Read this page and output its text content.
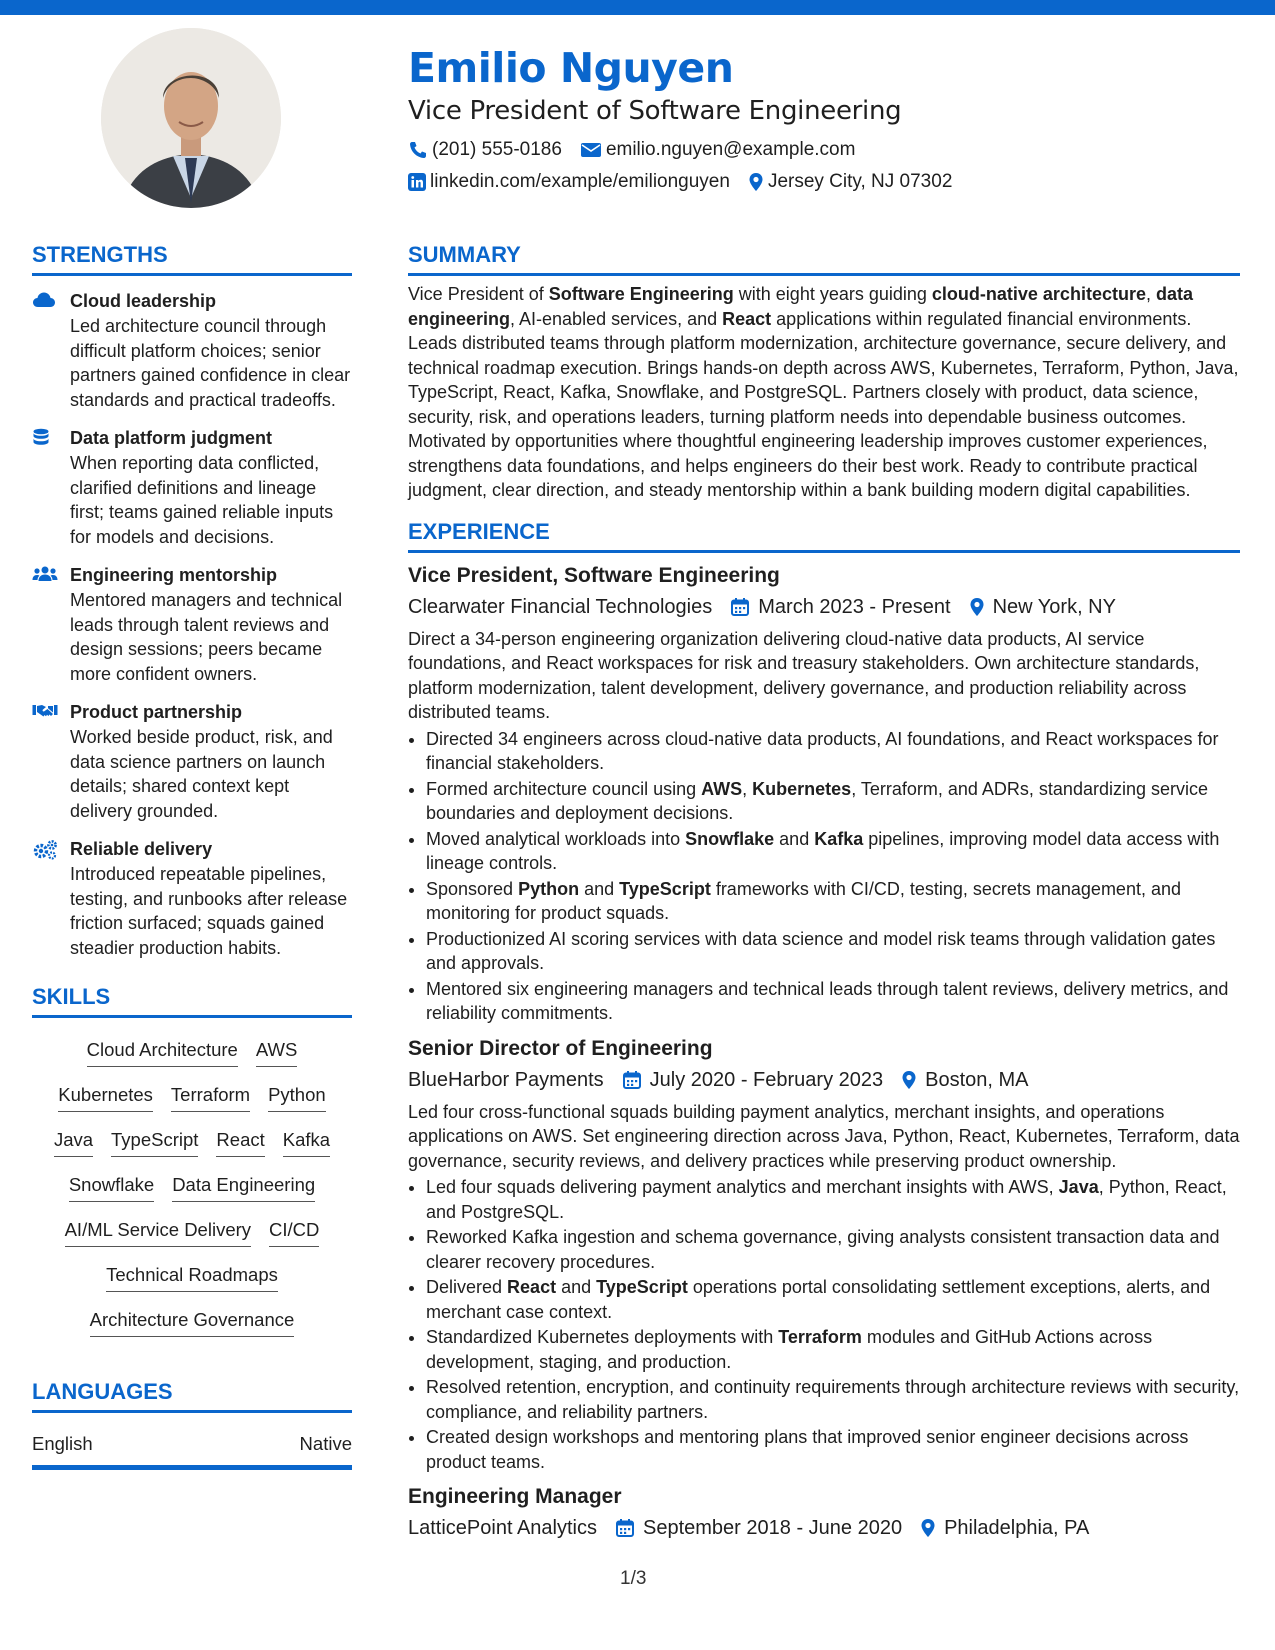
Emilio Nguyen
Vice President of Software Engineering
(201) 555-0186 emilio.nguyen@example.com
linkedin.com/example/emilionguyen Jersey City, NJ 07302
STRENGTHS
Cloud leadership
Led architecture council through difficult platform choices; senior partners gained confidence in clear standards and practical tradeoffs.
Data platform judgment
When reporting data conflicted, clarified definitions and lineage first; teams gained reliable inputs for models and decisions.
Engineering mentorship
Mentored managers and technical leads through talent reviews and design sessions; peers became more confident owners.
Product partnership
Worked beside product, risk, and data science partners on launch details; shared context kept delivery grounded.
Reliable delivery
Introduced repeatable pipelines, testing, and runbooks after release friction surfaced; squads gained steadier production habits.
SKILLS
Cloud Architecture AWS
Kubernetes Terraform Python
Java TypeScript React Kafka
Snowflake Data Engineering
AI/ML Service Delivery CI/CD
Technical Roadmaps
Architecture Governance
LANGUAGES
English	Native
SUMMARY
Vice President of Software Engineering with eight years guiding cloud-native architecture, data engineering, AI-enabled services, and React applications within regulated financial environments. Leads distributed teams through platform modernization, architecture governance, secure delivery, and technical roadmap execution. Brings hands-on depth across AWS, Kubernetes, Terraform, Python, Java, TypeScript, React, Kafka, Snowflake, and PostgreSQL. Partners closely with product, data science, security, risk, and operations leaders, turning platform needs into dependable business outcomes. Motivated by opportunities where thoughtful engineering leadership improves customer experiences, strengthens data foundations, and helps engineers do their best work. Ready to contribute practical judgment, clear direction, and steady mentorship within a bank building modern digital capabilities.
EXPERIENCE
Vice President, Software Engineering
Clearwater Financial Technologies March 2023 - Present New York, NY
Direct a 34-person engineering organization delivering cloud-native data products, AI service foundations, and React workspaces for risk and treasury stakeholders. Own architecture standards, platform modernization, talent development, delivery governance, and production reliability across distributed teams.
• Directed 34 engineers across cloud-native data products, AI foundations, and React workspaces for financial stakeholders.
• Formed architecture council using AWS, Kubernetes, Terraform, and ADRs, standardizing service boundaries and deployment decisions.
• Moved analytical workloads into Snowflake and Kafka pipelines, improving model data access with lineage controls.
• Sponsored Python and TypeScript frameworks with CI/CD, testing, secrets management, and monitoring for product squads.
• Productionized AI scoring services with data science and model risk teams through validation gates and approvals.
• Mentored six engineering managers and technical leads through talent reviews, delivery metrics, and reliability commitments.
Senior Director of Engineering
BlueHarbor Payments July 2020 - February 2023 Boston, MA
Led four cross-functional squads building payment analytics, merchant insights, and operations applications on AWS. Set engineering direction across Java, Python, React, Kubernetes, Terraform, data governance, security reviews, and delivery practices while preserving product ownership.
• Led four squads delivering payment analytics and merchant insights with AWS, Java, Python, React, and PostgreSQL.
• Reworked Kafka ingestion and schema governance, giving analysts consistent transaction data and clearer recovery procedures.
• Delivered React and TypeScript operations portal consolidating settlement exceptions, alerts, and merchant case context.
• Standardized Kubernetes deployments with Terraform modules and GitHub Actions across development, staging, and production.
• Resolved retention, encryption, and continuity requirements through architecture reviews with security, compliance, and reliability partners.
• Created design workshops and mentoring plans that improved senior engineer decisions across product teams.
Engineering Manager
LatticePoint Analytics September 2018 - June 2020 Philadelphia, PA
1/3
